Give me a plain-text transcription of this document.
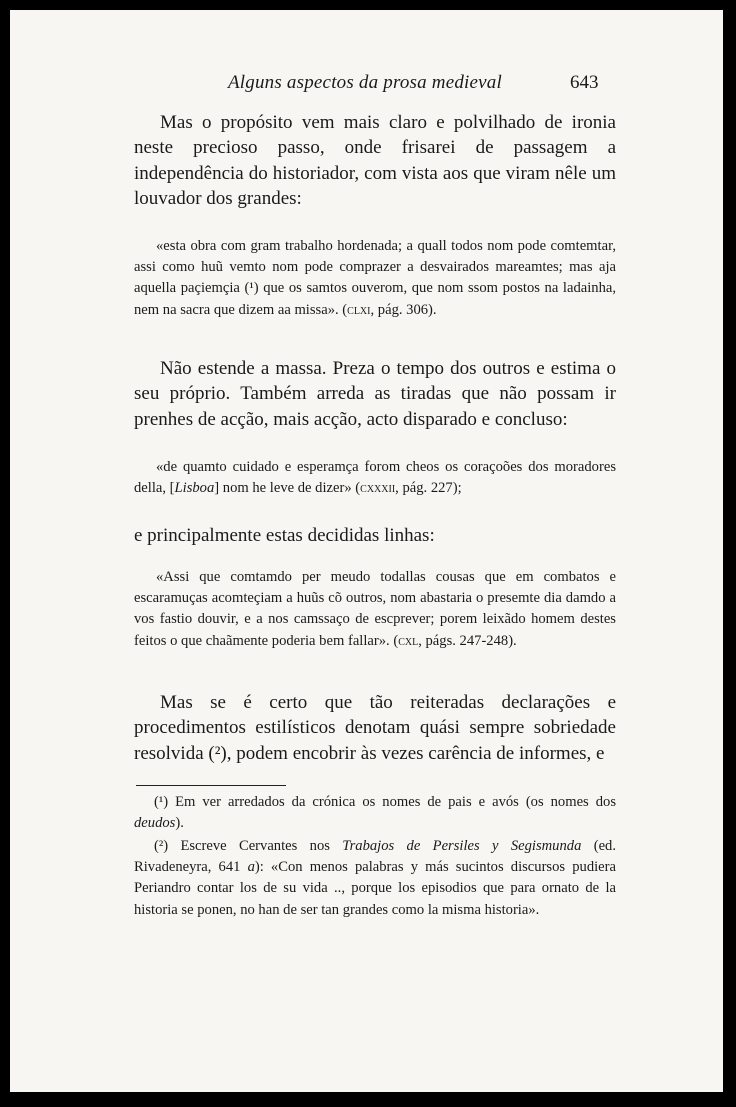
Alguns aspectos da prosa medieval	643

Mas o propósito vem mais claro e polvilhado de ironia neste precioso passo, onde frisarei de passagem a independência do historiador, com vista aos que viram nêle um louvador dos grandes:

«esta obra com gram trabalho hordenada; a quall todos nom pode comtemtar, assi como huũ vemto nom pode comprazer a desvairados mareamtes; mas aja aquella paçiemçia (¹) que os samtos ouverom, que nom ssom postos na ladainha, nem na sacra que dizem aa missa». (clxi, pág. 306).

Não estende a massa. Preza o tempo dos outros e estima o seu próprio. Também arreda as tiradas que não possam ir prenhes de acção, mais acção, acto disparado e concluso:

«de quamto cuidado e esperamça forom cheos os coraçoões dos moradores della, [Lisboa] nom he leve de dizer» (cxxxii, pág. 227);

e principalmente estas decididas linhas:

«Assi que comtamdo per meudo todallas cousas que em combatos e escaramuças acomteçiam a huũs cõ outros, nom abastaria o presemte dia damdo a vos fastio douvir, e a nos camssaço de escprever; porem leixãdo homem destes feitos o que chaãmente poderia bem fallar». (cxl, págs. 247-248).

Mas se é certo que tão reiteradas declarações e procedimentos estilísticos denotam quási sempre sobriedade resolvida (²), podem encobrir às vezes carência de informes, e

(¹) Em ver arredados da crónica os nomes de pais e avós (os nomes dos deudos).

(²) Escreve Cervantes nos Trabajos de Persiles y Segismunda (ed. Rivadeneyra, 641 a): «Con menos palabras y más sucintos discursos pudiera Periandro contar los de su vida .., porque los episodios que para ornato de la historia se ponen, no han de ser tan grandes como la misma historia».
